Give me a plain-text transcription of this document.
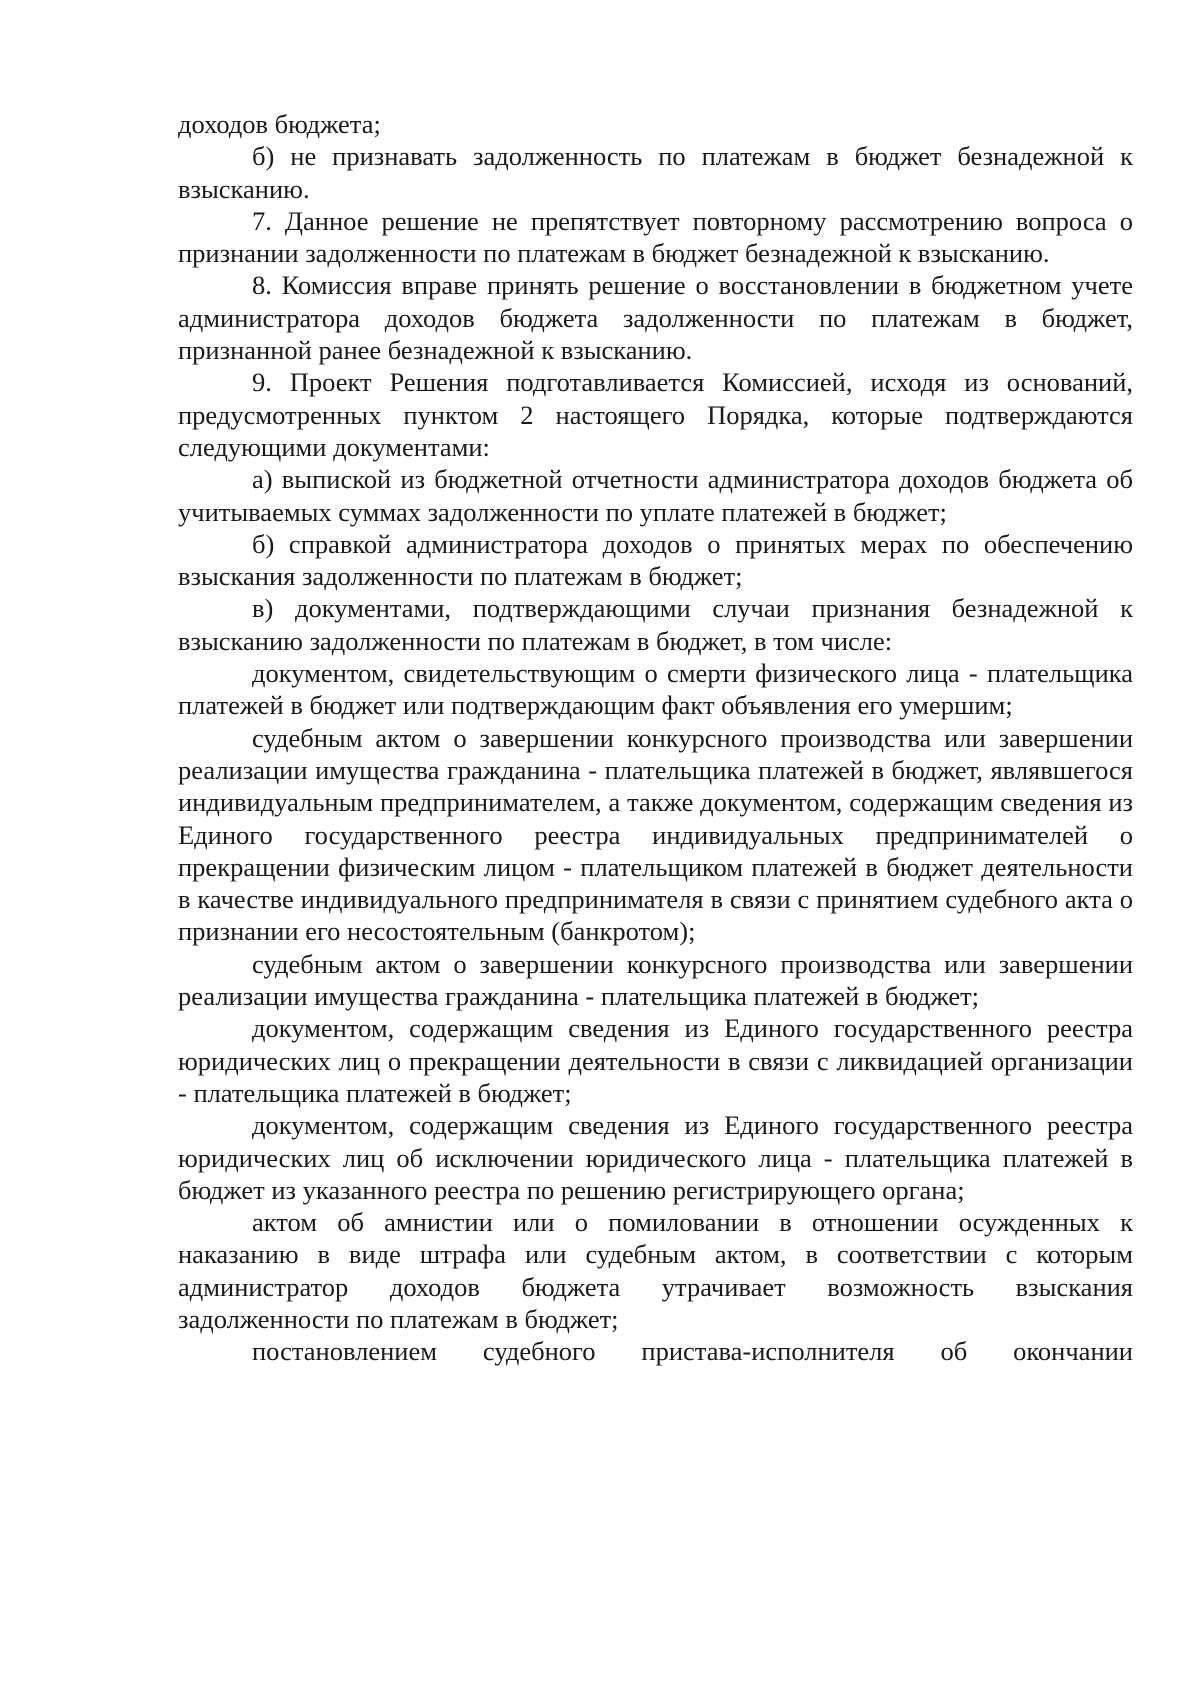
доходов бюджета;

б) не признавать задолженность по платежам в бюджет безнадежной к взысканию.

7. Данное решение не препятствует повторному рассмотрению вопроса о признании задолженности по платежам в бюджет безнадежной к взысканию.

8. Комиссия вправе принять решение о восстановлении в бюджетном учете администратора доходов бюджета задолженности по платежам в бюджет, признанной ранее безнадежной к взысканию.

9. Проект Решения подготавливается Комиссией, исходя из оснований, предусмотренных пунктом 2 настоящего Порядка, которые подтверждаются следующими документами:

а) выпиской из бюджетной отчетности администратора доходов бюджета об учитываемых суммах задолженности по уплате платежей в бюджет;

б) справкой администратора доходов о принятых мерах по обеспечению взыскания задолженности по платежам в бюджет;

в) документами, подтверждающими случаи признания безнадежной к взысканию задолженности по платежам в бюджет, в том числе:

документом, свидетельствующим о смерти физического лица - плательщика платежей в бюджет или подтверждающим факт объявления его умершим;

судебным актом о завершении конкурсного производства или завершении реализации имущества гражданина - плательщика платежей в бюджет, являвшегося индивидуальным предпринимателем, а также документом, содержащим сведения из Единого государственного реестра индивидуальных предпринимателей о прекращении физическим лицом - плательщиком платежей в бюджет деятельности в качестве индивидуального предпринимателя в связи с принятием судебного акта о признании его несостоятельным (банкротом);

судебным актом о завершении конкурсного производства или завершении реализации имущества гражданина - плательщика платежей в бюджет;

документом, содержащим сведения из Единого государственного реестра юридических лиц о прекращении деятельности в связи с ликвидацией организации - плательщика платежей в бюджет;

документом, содержащим сведения из Единого государственного реестра юридических лиц об исключении юридического лица - плательщика платежей в бюджет из указанного реестра по решению регистрирующего органа;

актом об амнистии или о помиловании в отношении осужденных к наказанию в виде штрафа или судебным актом, в соответствии с которым администратор доходов бюджета утрачивает возможность взыскания задолженности по платежам в бюджет;

постановлением судебного пристава-исполнителя об окончании
